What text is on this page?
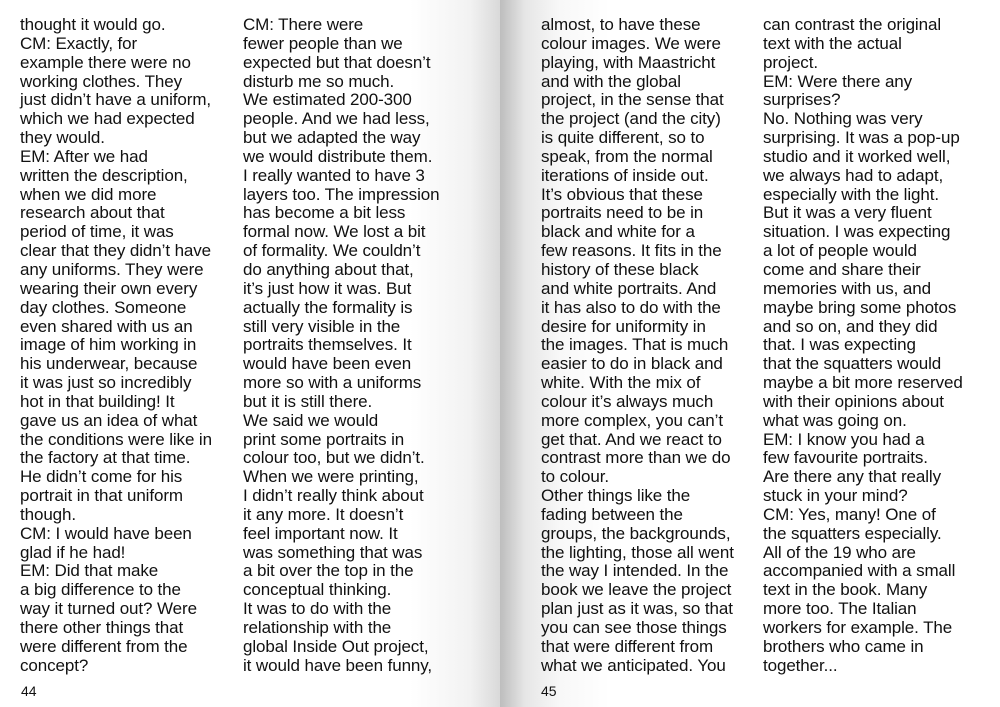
thought it would go.
CM: Exactly, for
example there were no
working clothes. They
just didn’t have a uniform,
which we had expected
they would.
EM: After we had
written the description,
when we did more
research about that
period of time, it was
clear that they didn’t have
any uniforms. They were
wearing their own every
day clothes. Someone
even shared with us an
image of him working in
his underwear, because
it was just so incredibly
hot in that building! It
gave us an idea of what
the conditions were like in
the factory at that time.
He didn’t come for his
portrait in that uniform
though.
CM: I would have been
glad if he had!
EM: Did that make
a big difference to the
way it turned out? Were
there other things that
were different from the
concept?

CM: There were
fewer people than we
expected but that doesn’t
disturb me so much.
We estimated 200-300
people. And we had less,
but we adapted the way
we would distribute them.
I really wanted to have 3
layers too. The impression
has become a bit less
formal now. We lost a bit
of formality. We couldn’t
do anything about that,
it’s just how it was. But
actually the formality is
still very visible in the
portraits themselves. It
would have been even
more so with a uniforms
but it is still there.
We said we would
print some portraits in
colour too, but we didn’t.
When we were printing,
I didn’t really think about
it any more. It doesn’t
feel important now. It
was something that was
a bit over the top in the
conceptual thinking.
It was to do with the
relationship with the
global Inside Out project,
it would have been funny,

44

almost, to have these
colour images. We were
playing, with Maastricht
and with the global
project, in the sense that
the project (and the city)
is quite different, so to
speak, from the normal
iterations of inside out.
It’s obvious that these
portraits need to be in
black and white for a
few reasons. It fits in the
history of these black
and white portraits. And
it has also to do with the
desire for uniformity in
the images. That is much
easier to do in black and
white. With the mix of
colour it’s always much
more complex, you can’t
get that. And we react to
contrast more than we do
to colour.
Other things like the
fading between the
groups, the backgrounds,
the lighting, those all went
the way I intended. In the
book we leave the project
plan just as it was, so that
you can see those things
that were different from
what we anticipated. You

can contrast the original
text with the actual
project.
EM: Were there any
surprises?
No. Nothing was very
surprising. It was a pop-up
studio and it worked well,
we always had to adapt,
especially with the light.
But it was a very fluent
situation. I was expecting
a lot of people would
come and share their
memories with us, and
maybe bring some photos
and so on, and they did
that. I was expecting
that the squatters would
maybe a bit more reserved
with their opinions about
what was going on.
EM: I know you had a
few favourite portraits.
Are there any that really
stuck in your mind?
CM: Yes, many! One of
the squatters especially.
All of the 19 who are
accompanied with a small
text in the book. Many
more too. The Italian
workers for example. The
brothers who came in
together...

45
